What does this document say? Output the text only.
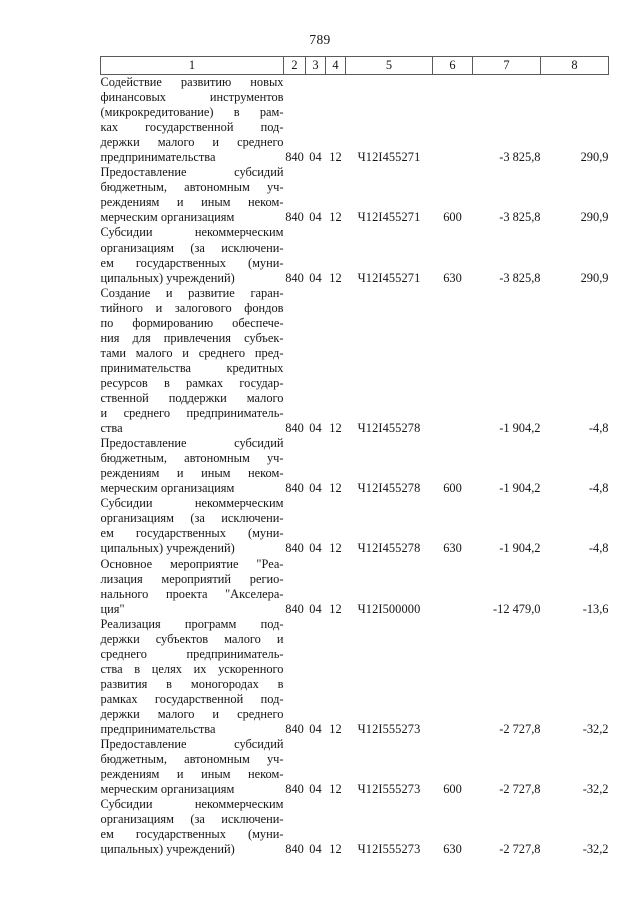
789
1	2	3	4	5	6	7	8

Содействие развитию новых
финансовых инструментов
(микрокредитование) в рам-
ках государственной под-
держки малого и среднего
предпринимательства	840	04	12	Ч12I455271		-3 825,8	290,9

Предоставление субсидий
бюджетным, автономным уч-
реждениям и иным неком-
мерческим организациям	840	04	12	Ч12I455271	600	-3 825,8	290,9

Субсидии некоммерческим
организациям (за исключени-
ем государственных (муни-
ципальных) учреждений)	840	04	12	Ч12I455271	630	-3 825,8	290,9

Создание и развитие гаран-
тийного и залогового фондов
по формированию обеспече-
ния для привлечения субъек-
тами малого и среднего пред-
принимательства кредитных
ресурсов в рамках государ-
ственной поддержки малого
и среднего предприниматель-
ства	840	04	12	Ч12I455278		-1 904,2	-4,8

Предоставление субсидий
бюджетным, автономным уч-
реждениям и иным неком-
мерческим организациям	840	04	12	Ч12I455278	600	-1 904,2	-4,8

Субсидии некоммерческим
организациям (за исключени-
ем государственных (муни-
ципальных) учреждений)	840	04	12	Ч12I455278	630	-1 904,2	-4,8

Основное мероприятие "Реа-
лизация мероприятий регио-
нального проекта "Акселера-
ция"	840	04	12	Ч12I500000		-12 479,0	-13,6

Реализация программ под-
держки субъектов малого и
среднего предприниматель-
ства в целях их ускоренного
развития в моногородах в
рамках государственной под-
держки малого и среднего
предпринимательства	840	04	12	Ч12I555273		-2 727,8	-32,2

Предоставление субсидий
бюджетным, автономным уч-
реждениям и иным неком-
мерческим организациям	840	04	12	Ч12I555273	600	-2 727,8	-32,2

Субсидии некоммерческим
организациям (за исключени-
ем государственных (муни-
ципальных) учреждений)	840	04	12	Ч12I555273	630	-2 727,8	-32,2
